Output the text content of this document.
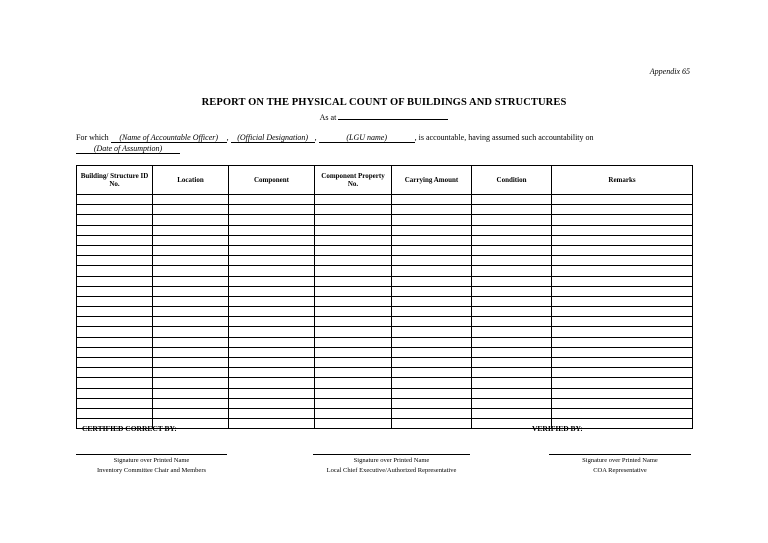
Appendix 65
REPORT ON THE PHYSICAL COUNT OF BUILDINGS AND STRUCTURES
As at
For which (Name of Accountable Officer) , (Official Designation) ,	(LGU name)	, is accountable, having assumed such accountability on
(Date of Assumption)
Building/ Structure ID No.	Location	Component	Component Property No.	Carrying Amount	Condition	Remarks

CERTIFIED CORRECT BY:	VERIFIED BY:
Signature over Printed Name
Inventory Committee Chair and Members
Signature over Printed Name
Local Chief Executive/Authorized Representative
Signature over Printed Name
COA Representative
